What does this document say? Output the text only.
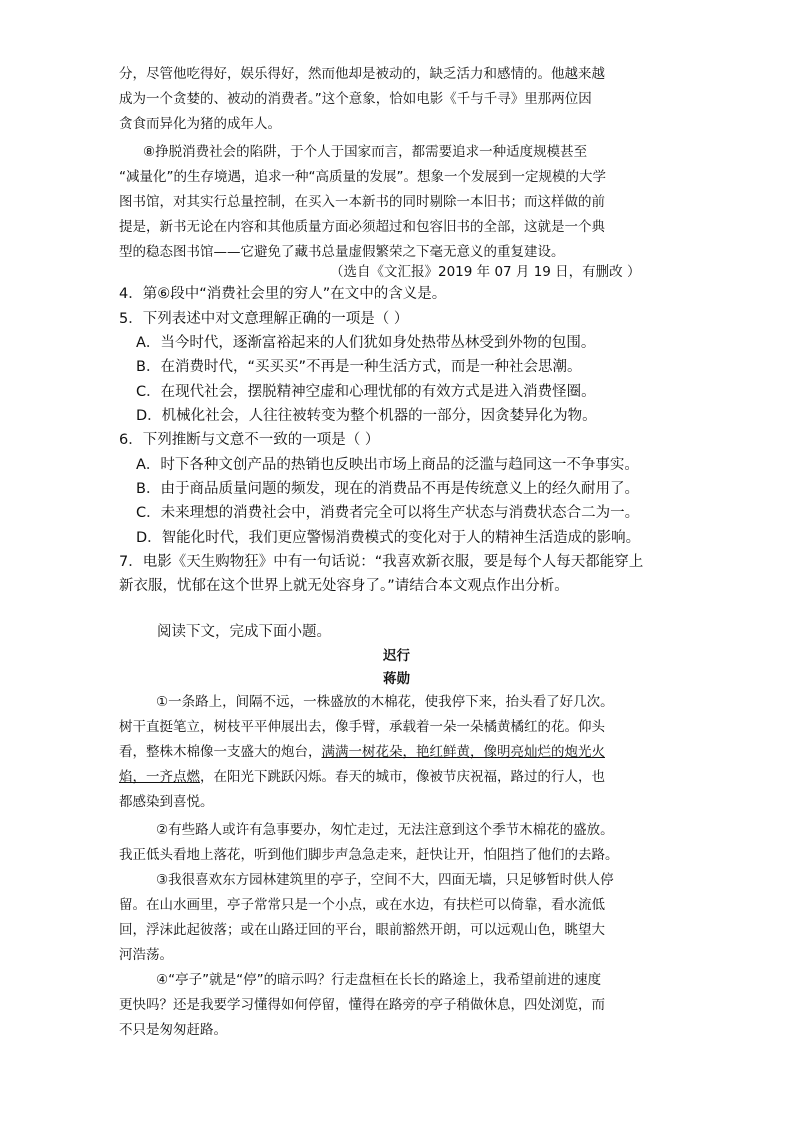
分，尽管他吃得好，娱乐得好，然而他却是被动的，缺乏活力和感情的。他越来越

成为一个贪婪的、被动的消费者。”这个意象，恰如电影《千与千寻》里那两位因

贪食而异化为猪的成年人。

⑧挣脱消费社会的陷阱，于个人于国家而言，都需要追求一种适度规模甚至

“减量化”的生存境遇，追求一种“高质量的发展”。想象一个发展到一定规模的大学

图书馆，对其实行总量控制，在买入一本新书的同时剔除一本旧书；而这样做的前

提是，新书无论在内容和其他质量方面必须超过和包容旧书的全部，这就是一个典

型的稳态图书馆——它避免了藏书总量虚假繁荣之下毫无意义的重复建设。

（选自《文汇报》2019 年 07 月 19 日，有删改 ）

4．第⑥段中“消费社会里的穷人”在文中的含义是。

5．下列表述中对文意理解正确的一项是（ ）

A．当今时代，逐渐富裕起来的人们犹如身处热带丛林受到外物的包围。

B．在消费时代，“买买买”不再是一种生活方式，而是一种社会思潮。

C．在现代社会，摆脱精神空虚和心理忧郁的有效方式是进入消费怪圈。

D．机械化社会，人往往被转变为整个机器的一部分，因贪婪异化为物。

6．下列推断与文意不一致的一项是（ ）

A．时下各种文创产品的热销也反映出市场上商品的泛滥与趋同这一不争事实。

B．由于商品质量问题的频发，现在的消费品不再是传统意义上的经久耐用了。

C．未来理想的消费社会中，消费者完全可以将生产状态与消费状态合二为一。

D．智能化时代，我们更应警惕消费模式的变化对于人的精神生活造成的影响。

7．电影《天生购物狂》中有一句话说：“我喜欢新衣服，要是每个人每天都能穿上

新衣服，忧郁在这个世界上就无处容身了。”请结合本文观点作出分析。

阅读下文，完成下面小题。

迟行

蒋勋

①一条路上，间隔不远，一株盛放的木棉花，使我停下来，抬头看了好几次。

树干直挺笔立，树枝平平伸展出去，像手臂，承载着一朵一朵橘黄橘红的花。仰头

看，整株木棉像一支盛大的炮台，满满一树花朵，艳红鲜黄，像明亮灿烂的炮光火

焰，一齐点燃，在阳光下跳跃闪烁。春天的城市，像被节庆祝福，路过的行人，也

都感染到喜悦。

②有些路人或许有急事要办，匆忙走过，无法注意到这个季节木棉花的盛放。

我正低头看地上落花，听到他们脚步声急急走来，赶快让开，怕阻挡了他们的去路。

③我很喜欢东方园林建筑里的亭子，空间不大，四面无墙，只足够暂时供人停

留。在山水画里，亭子常常只是一个小点，或在水边，有扶栏可以倚靠，看水流低

回，浮沫此起彼落；或在山路迂回的平台，眼前豁然开朗，可以远观山色，眺望大

河浩荡。

④“亭子”就是“停”的暗示吗？行走盘桓在长长的路途上，我希望前进的速度

更快吗？还是我要学习懂得如何停留，懂得在路旁的亭子稍做休息，四处浏览，而

不只是匆匆赶路。
